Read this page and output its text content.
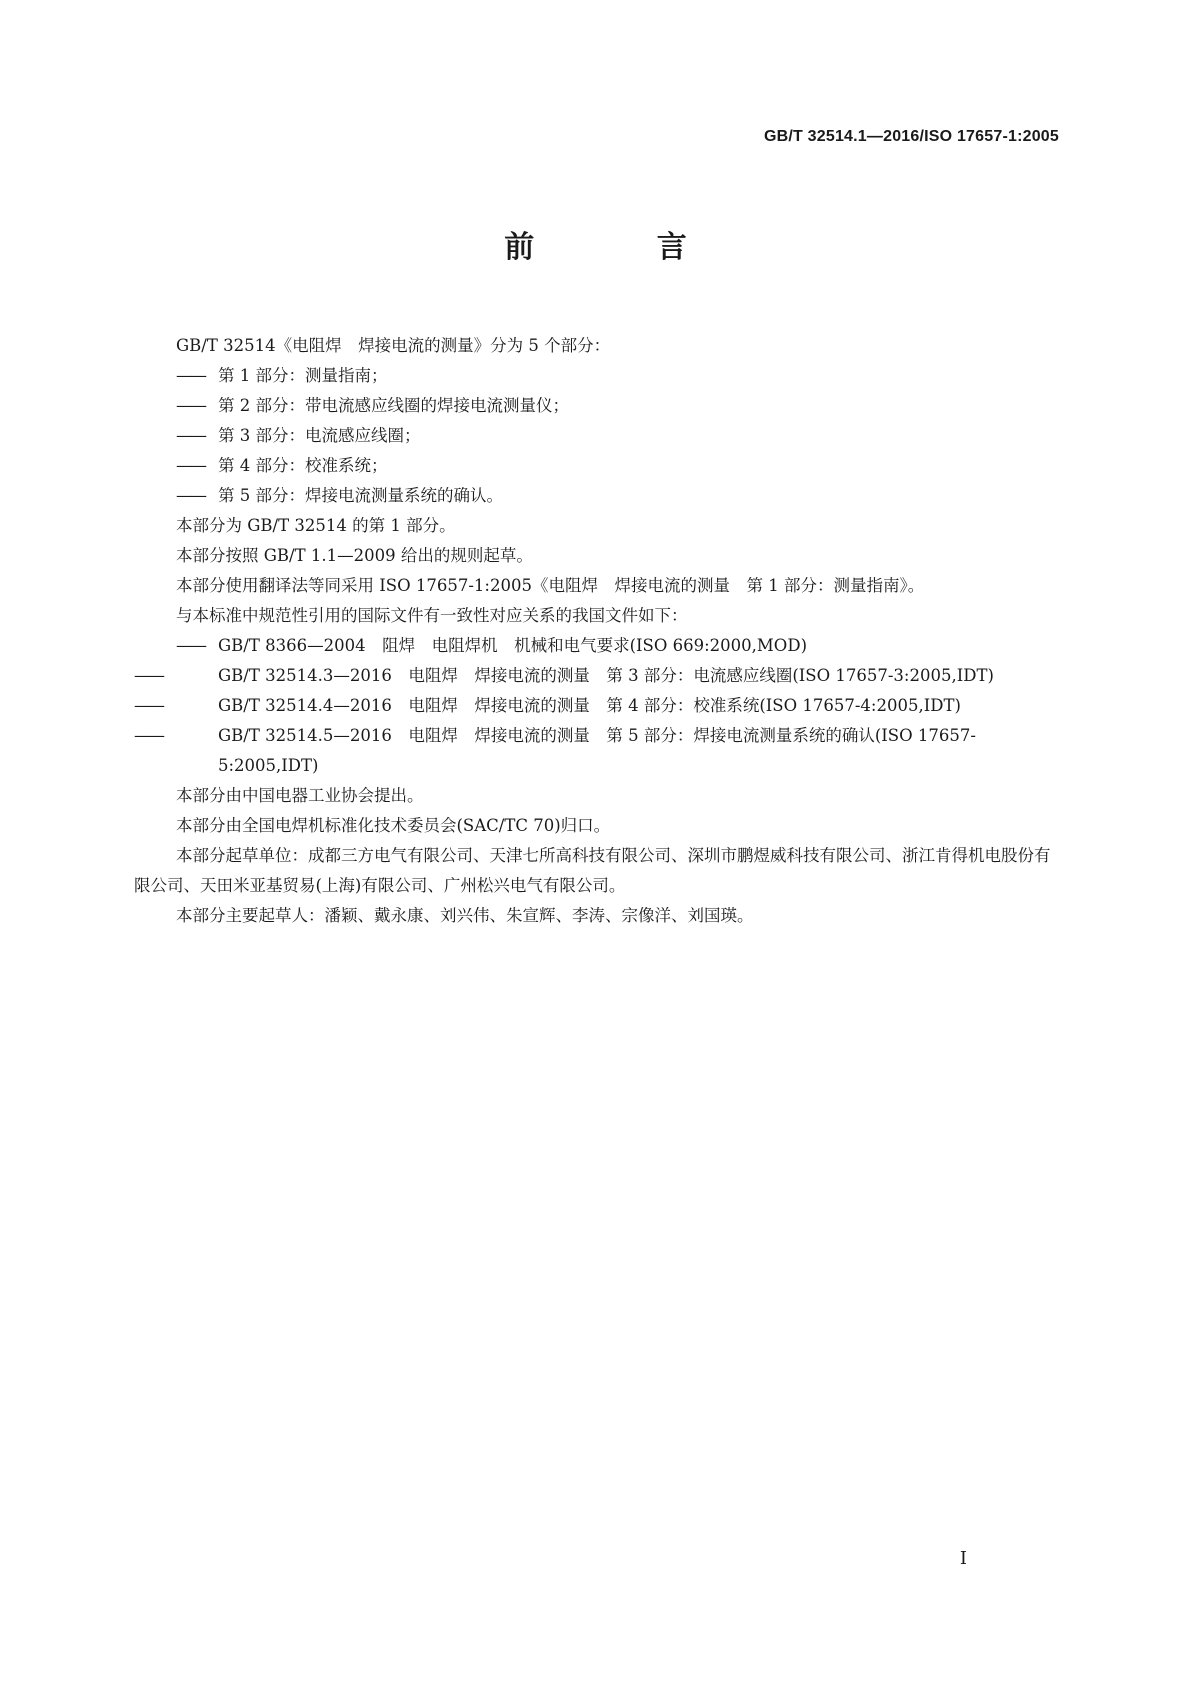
GB/T 32514.1—2016/ISO 17657-1:2005
前 言

GB/T 32514《电阻焊　焊接电流的测量》分为 5 个部分：

—— 第 1 部分：测量指南；

—— 第 2 部分：带电流感应线圈的焊接电流测量仪；

—— 第 3 部分：电流感应线圈；

—— 第 4 部分：校准系统；

—— 第 5 部分：焊接电流测量系统的确认。

本部分为 GB/T 32514 的第 1 部分。

本部分按照 GB/T 1.1—2009 给出的规则起草。

本部分使用翻译法等同采用 ISO 17657-1:2005《电阻焊　焊接电流的测量　第 1 部分：测量指南》。

与本标准中规范性引用的国际文件有一致性对应关系的我国文件如下：

—— GB/T 8366—2004　阻焊　电阻焊机　机械和电气要求(ISO 669:2000,MOD)

——	GB/T 32514.3—2016　电阻焊　焊接电流的测量　第 3 部分：电流感应线圈(ISO 17657-3:2005,IDT)

——	GB/T 32514.4—2016　电阻焊　焊接电流的测量　第 4 部分：校准系统(ISO 17657-4:2005,IDT)

——	GB/T 32514.5—2016　电阻焊　焊接电流的测量　第 5 部分：焊接电流测量系统的确认(ISO 17657-5:2005,IDT)

本部分由中国电器工业协会提出。

本部分由全国电焊机标准化技术委员会(SAC/TC 70)归口。

本部分起草单位：成都三方电气有限公司、天津七所高科技有限公司、深圳市鹏煜威科技有限公司、浙江肯得机电股份有限公司、天田米亚基贸易(上海)有限公司、广州松兴电气有限公司。

本部分主要起草人：潘颖、戴永康、刘兴伟、朱宣辉、李涛、宗像洋、刘国瑛。

I
